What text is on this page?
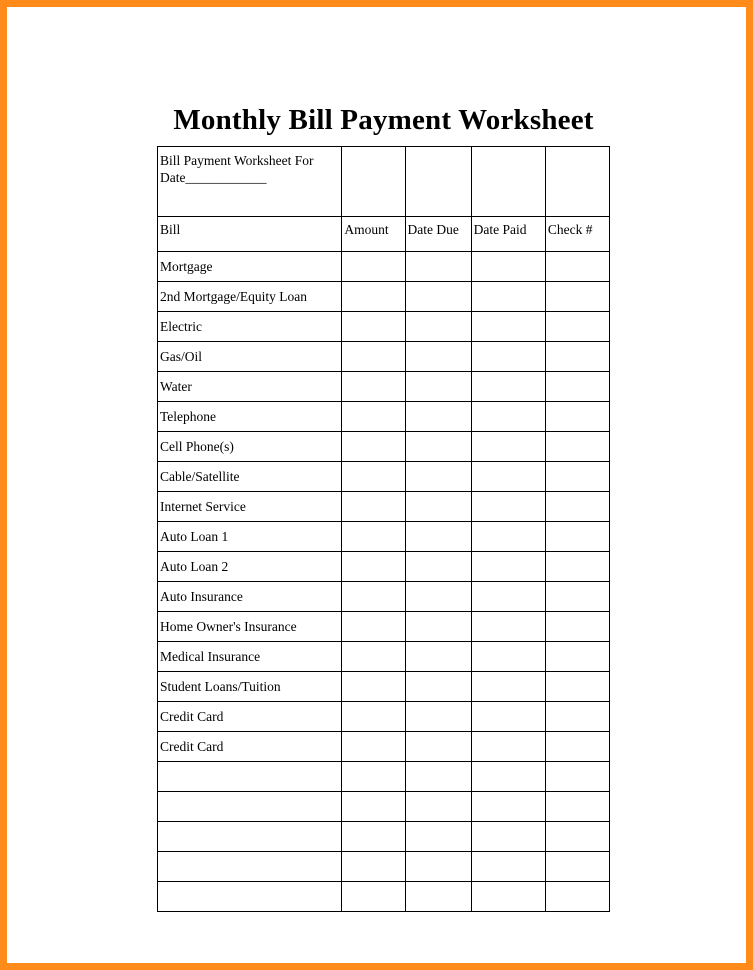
Monthly Bill Payment Worksheet
Bill Payment Worksheet For
Date____________				

Bill	Amount	Date Due	Date Paid	Check #
Mortgage				
2nd Mortgage/Equity Loan				
Electric				
Gas/Oil				
Water				
Telephone				
Cell Phone(s)				
Cable/Satellite				
Internet Service				
Auto Loan 1				
Auto Loan 2				
Auto Insurance				
Home Owner's Insurance				
Medical Insurance				
Student Loans/Tuition				
Credit Card				
Credit Card				
